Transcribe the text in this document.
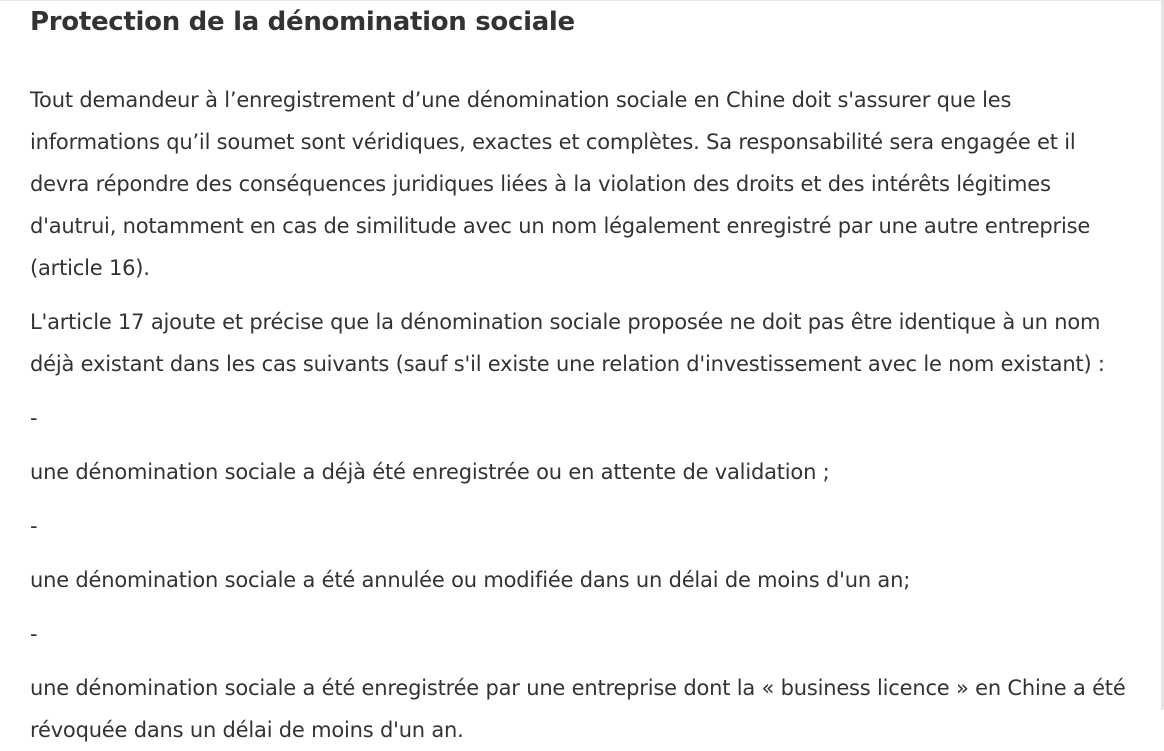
Protection de la dénomination sociale

Tout demandeur à l’enregistrement d’une dénomination sociale en Chine doit s'assurer que les informations qu’il soumet sont véridiques, exactes et complètes. Sa responsabilité sera engagée et il devra répondre des conséquences juridiques liées à la violation des droits et des intérêts légitimes d'autrui, notamment en cas de similitude avec un nom légalement enregistré par une autre entreprise (article 16).

L'article 17 ajoute et précise que la dénomination sociale proposée ne doit pas être identique à un nom déjà existant dans les cas suivants (sauf s'il existe une relation d'investissement avec le nom existant) :

-

une dénomination sociale a déjà été enregistrée ou en attente de validation ;

-

une dénomination sociale a été annulée ou modifiée dans un délai de moins d'un an;

-

une dénomination sociale a été enregistrée par une entreprise dont la « business licence » en Chine a été révoquée dans un délai de moins d'un an.
